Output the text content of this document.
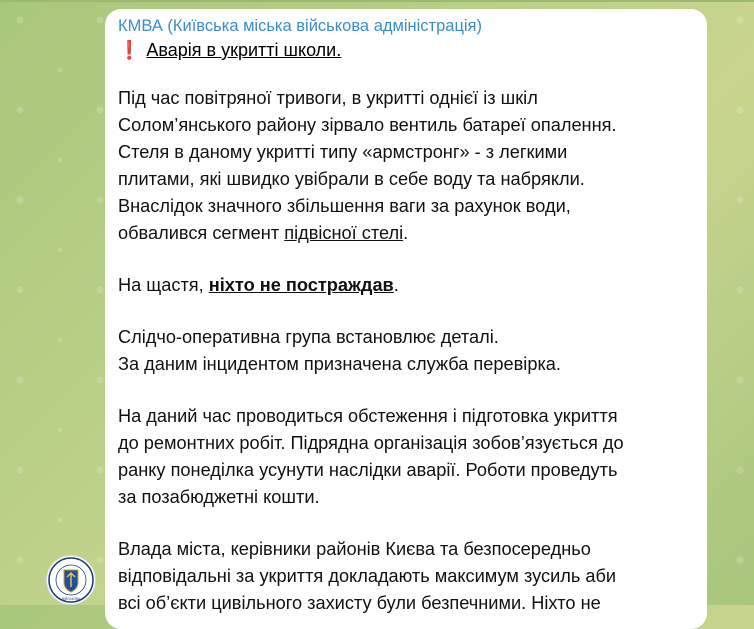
КМВА (Київська міська військова адміністрація)
❗ Аварія в укритті школи.

Під час повітряної тривоги, в укритті однієї із шкіл
Солом’янського району зірвало вентиль батареї опалення.
Стеля в даному укритті типу «армстронг» - з легкими
плитами, які швидко увібрали в себе воду та набрякли.
Внаслідок значного збільшення ваги за рахунок води,
обвалився сегмент підвісної стелі.

На щастя, ніхто не постраждав.

Слідчо-оперативна група встановлює деталі.
За даним інцидентом призначена служба перевірка.

На даний час проводиться обстеження і підготовка укриття
до ремонтних робіт. Підрядна організація зобов’язується до
ранку понеділка усунути наслідки аварії. Роботи проведуть
за позабюджетні кошти.

Влада міста, керівники районів Києва та безпосередньо
відповідальні за укриття докладають максимум зусиль аби
всі об’єкти цивільного захисту були безпечними. Ніхто не

ВІЙСЬКОВА
